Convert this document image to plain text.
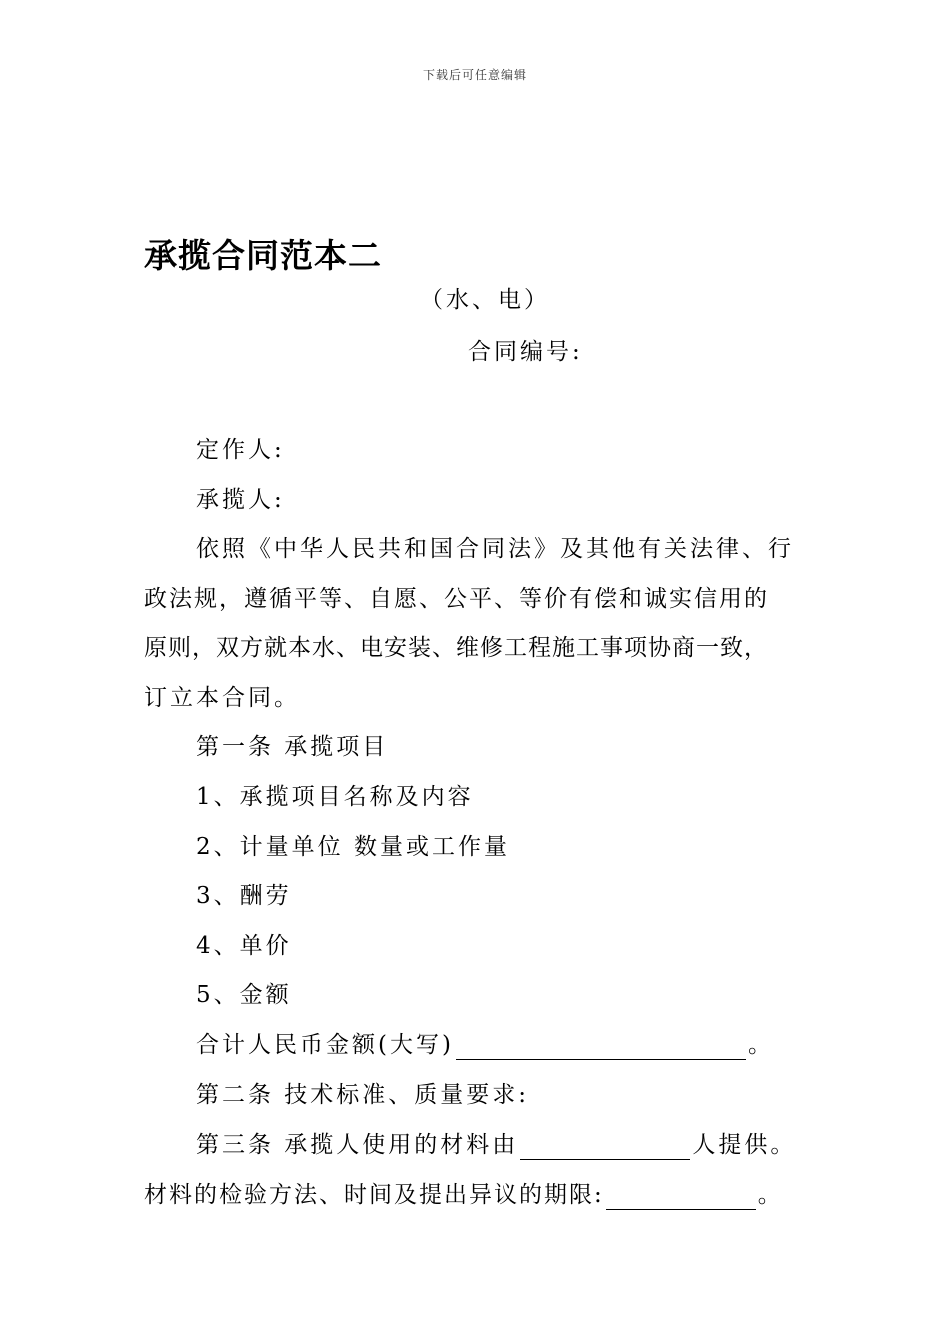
下载后可任意编辑
承揽合同范本二
（水、电）
合同编号:
定作人:
承揽人:
依照《中华人民共和国合同法》及其他有关法律、行
政法规，遵循平等、自愿、公平、等价有偿和诚实信用的
原则，双方就本水、电安装、维修工程施工事项协商一致，
订立本合同。
第一条 承揽项目
1、承揽项目名称及内容
2、计量单位 数量或工作量
3、酬劳
4、单价
5、金额
合计人民币金额(大写)	。
第二条 技术标准、质量要求:
第三条 承揽人使用的材料由	人提供。
材料的检验方法、时间及提出异议的期限:	。
